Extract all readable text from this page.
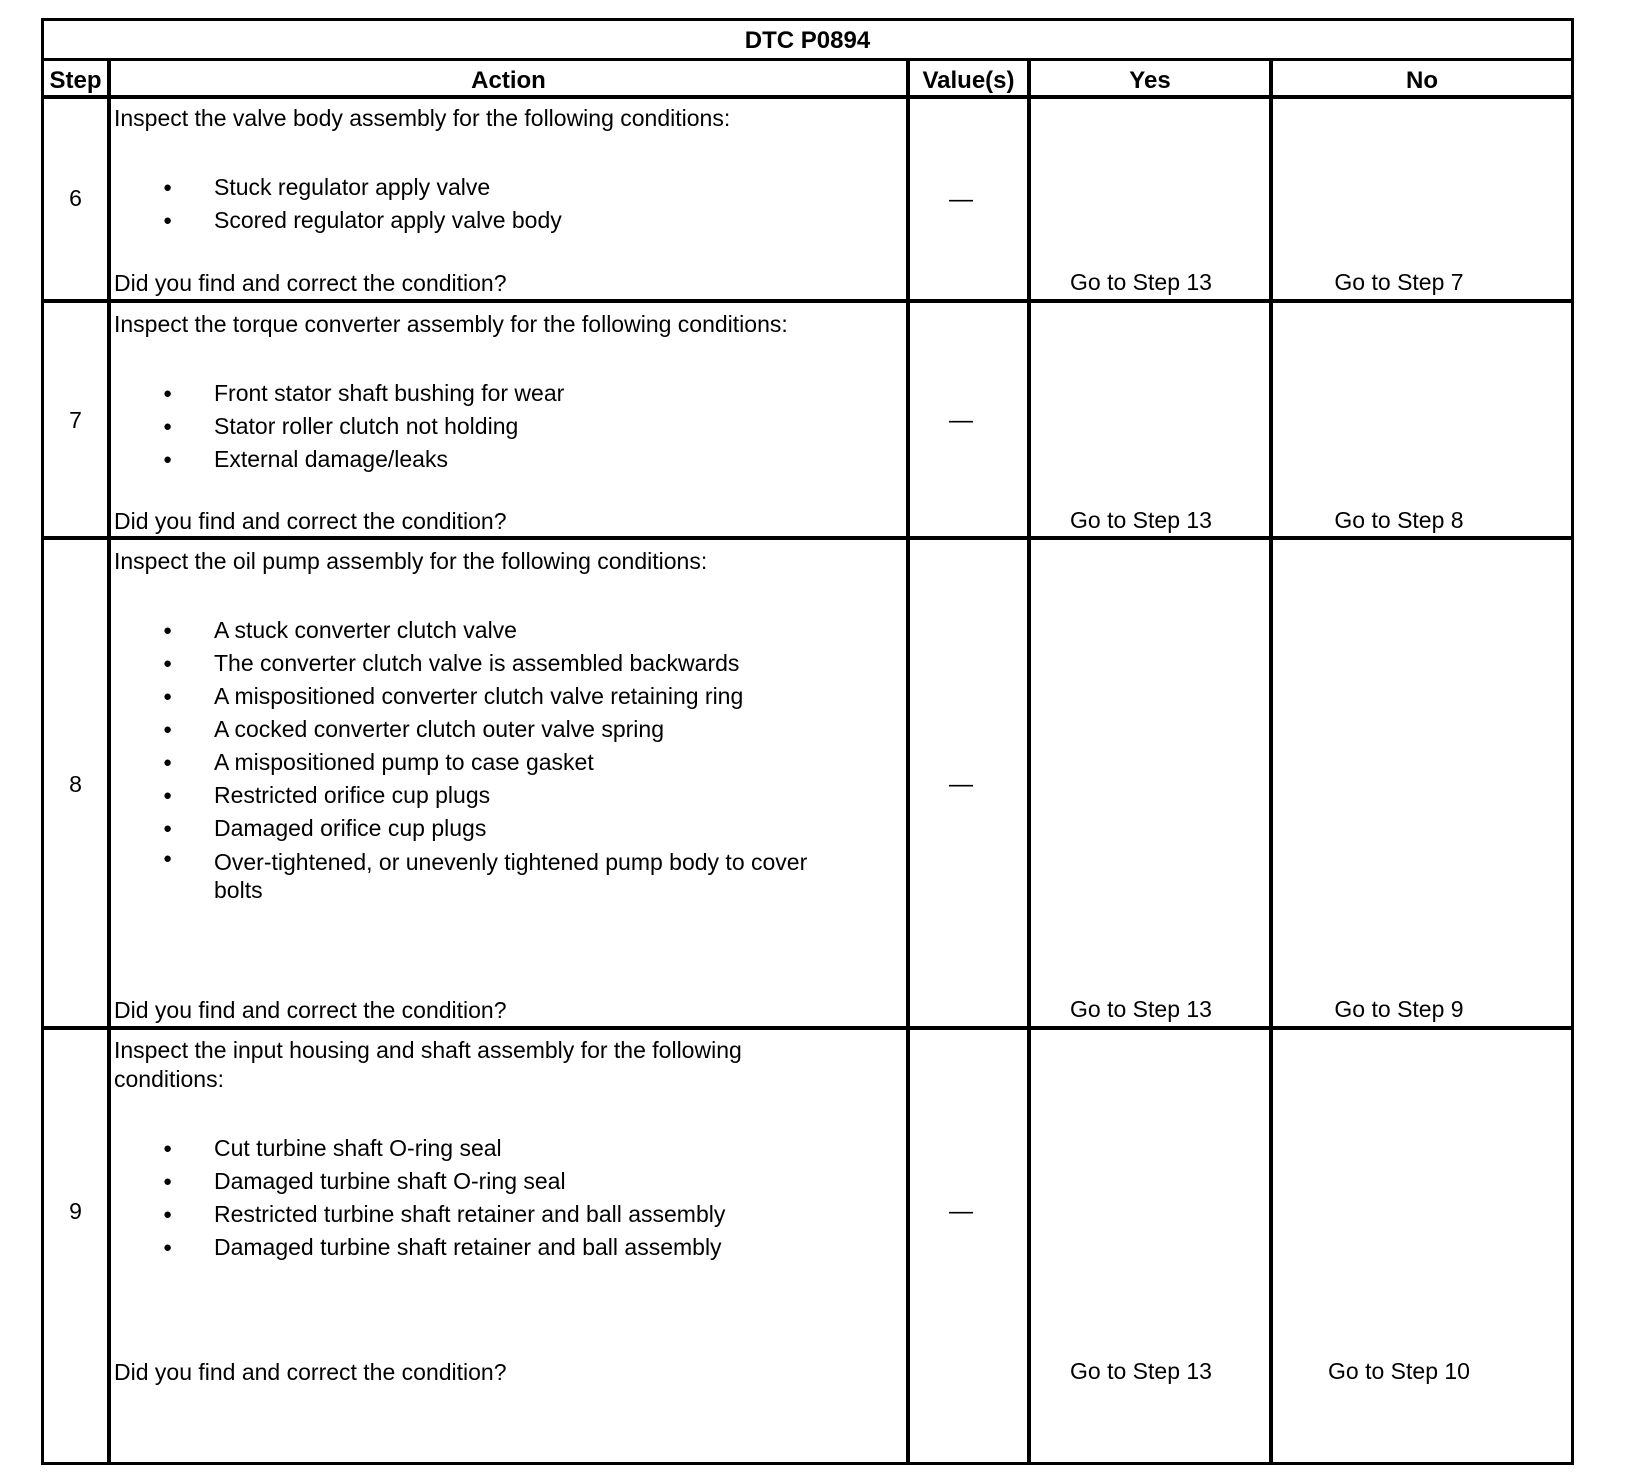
DTC P0894
Step	Action	Value(s)	Yes	No
6

Inspect the valve body assembly for the following conditions:

● Stuck regulator apply valve
● Scored regulator apply valve body
Did you find and correct the condition?
—
Go to Step 13	Go to Step 7
7

Inspect the torque converter assembly for the following conditions:

● Front stator shaft bushing for wear
● Stator roller clutch not holding
● External damage/leaks
Did you find and correct the condition?
—
Go to Step 13	Go to Step 8
8

Inspect the oil pump assembly for the following conditions:

● A stuck converter clutch valve
● The converter clutch valve is assembled backwards
● A mispositioned converter clutch valve retaining ring
● A cocked converter clutch outer valve spring
● A mispositioned pump to case gasket
● Restricted orifice cup plugs
● Damaged orifice cup plugs
● Over-tightened, or unevenly tightened pump body to cover bolts
Did you find and correct the condition?
—
Go to Step 13	Go to Step 9
9

Inspect the input housing and shaft assembly for the following conditions:

● Cut turbine shaft O-ring seal
● Damaged turbine shaft O-ring seal
● Restricted turbine shaft retainer and ball assembly
● Damaged turbine shaft retainer and ball assembly
Did you find and correct the condition?
—
Go to Step 13	Go to Step 10
